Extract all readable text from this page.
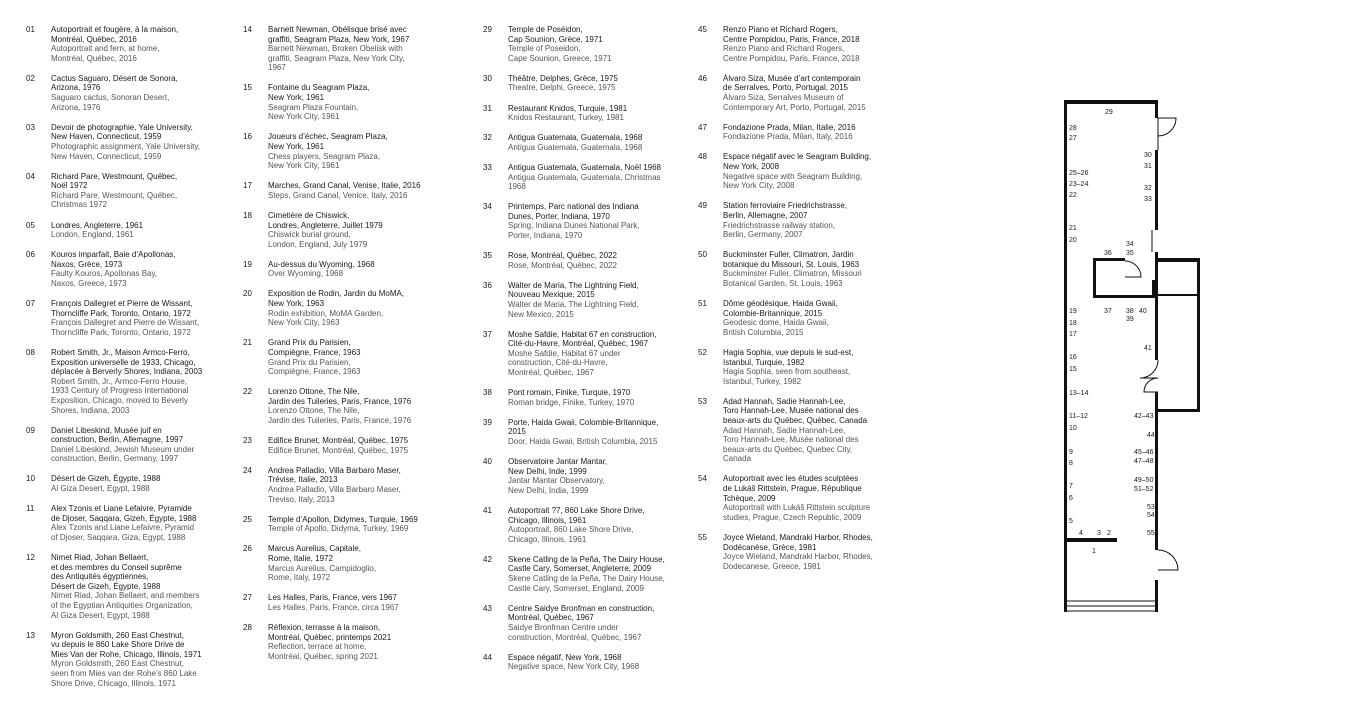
01	Autoportrait et fougère, à la maison,
Montréal, Québec, 2016
Autoportrait and fern, at home,
Montréal, Québec, 2016
02	Cactus Saguaro, Désert de Sonora,
Arizona, 1976
Saguaro cactus, Sonoran Desert,
Arizona, 1976
03	Devoir de photographie, Yale University,
New Haven, Connecticut, 1959
Photographic assignment, Yale University,
New Haven, Connecticut, 1959
04	Richard Pare, Westmount, Québec,
Noël 1972
Richard Pare, Westmount, Québec,
Christmas 1972
05	Londres, Angleterre, 1961
London, England, 1961
06	Kouros imparfait, Baie d’Apollonas,
Naxos, Grèce, 1973
Faulty Kouros, Apollonas Bay,
Naxos, Greece, 1973
07	François Dallegret et Pierre de Wissant,
Thorncliffe Park, Toronto, Ontario, 1972
François Dallegret and Pierre de Wissant,
Thorncliffe Park, Toronto, Ontario, 1972
08	Robert Smith, Jr., Maison Armco-Ferro,
Exposition universelle de 1933, Chicago,
déplacée à Berverly Shores, Indiana, 2003
Robert Smith, Jr., Armco-Ferro House,
1933 Century of Progress International
Exposition, Chicago, moved to Beverly
Shores, Indiana, 2003
09	Daniel Libeskind, Musée juif en
construction, Berlin, Allemagne, 1997
Daniel Libeskind, Jewish Museum under
construction, Berlin, Germany, 1997
10	Désert de Gizeh, Égypte, 1988
Al Giza Desert, Egypt, 1988
11	Alex Tzonis et Liane Lefaivre, Pyramide
de Djoser, Saqqara, Gizeh, Égypte, 1988
Alex Tzonis and Liane Lefaivre, Pyramid
of Djoser, Saqqara, Giza, Egypt, 1988
12	Nimet Riad, Johan Bellaert,
et des membres du Conseil suprême
des Antiquités égyptiennes,
Désert de Gizeh, Égypte, 1988
Nimet Riad, Johan Bellaert, and members
of the Egyptian Antiquities Organization,
Al Giza Desert, Egypt, 1988
13	Myron Goldsmith, 260 East Chestnut,
vu depuis le 860 Lake Shore Drive de
Mies Van der Rohe, Chicago, Illinois, 1971
Myron Goldsmith, 260 East Chestnut,
seen from Mies van der Rohe’s 860 Lake
Shore Drive, Chicago, Illinois, 1971
14	Barnett Newman, Obélisque brisé avec
graffiti, Seagram Plaza, New York, 1967
Barnett Newman, Broken Obelisk with
graffiti, Seagram Plaza, New York City,
1967
15	Fontaine du Seagram Plaza,
New York, 1961
Seagram Plaza Fountain,
New York City, 1961
16	Joueurs d’échec, Seagram Plaza,
New York, 1961
Chess players, Seagram Plaza,
New York City, 1961
17	Marches, Grand Canal, Venise, Italie, 2016
Steps, Grand Canal, Venice, Italy, 2016
18	Cimetière de Chiswick,
Londres, Angleterre, Juillet 1979
Chiswick burial ground,
London, England, July 1979
19	Au-dessus du Wyoming, 1968
Over Wyoming, 1968
20	Exposition de Rodin, Jardin du MoMA,
New York, 1963
Rodin exhibition, MoMA Garden,
New York City, 1963
21	Grand Prix du Parisien,
Compiègne, France, 1963
Grand Prix du Parisien,
Compiègne, France, 1963
22	Lorenzo Ottone, The Nile,
Jardin des Tuileries, Paris, France, 1976
Lorenzo Ottone, The Nile,
Jardin des Tuileries, Paris, France, 1976
23	Edifice Brunet, Montréal, Québec, 1975
Edifice Brunet, Montréal, Québec, 1975
24	Andrea Palladio, Villa Barbaro Maser,
Trévise, Italie, 2013
Andrea Palladio, Villa Barbaro Maser,
Treviso, Italy, 2013
25	Temple d’Apollon, Didymes, Turquie, 1969
Temple of Apollo, Didyma, Turkey, 1969
26	Marcus Aurelius, Capitale,
Rome, Italie, 1972
Marcus Aurelius, Campidoglio,
Rome, Italy, 1972
27	Les Halles, Paris, France, vers 1967
Les Halles, Paris, France, circa 1967
28	Réflexion, terrasse à la maison,
Montréal, Québec, printemps 2021
Reflection, terrace at home,
Montréal, Québec, spring 2021
29	Temple de Poséidon,
Cap Sounion, Grèce, 1971
Temple of Poseidon,
Cape Sounion, Greece, 1971
30	Théâtre, Delphes, Grèce, 1975
Theatre, Delphi, Greece, 1975
31	Restaurant Knidos, Turquie, 1981
Knidos Restaurant, Turkey, 1981
32	Antigua Guatemala, Guatemala, 1968
Antigua Guatemala, Guatemala, 1968
33	Antigua Guatemala, Guatemala, Noël 1968
Antigua Guatemala, Guatemala, Christmas
1968
34	Printemps, Parc national des Indiana
Dunes, Porter, Indiana, 1970
Spring, Indiana Dunes National Park,
Porter, Indiana, 1970
35	Rose, Montréal, Québec, 2022
Rose, Montréal, Québec, 2022
36	Walter de Maria, The Lightning Field,
Nouveau Mexique, 2015
Walter de Maria, The Lightning Field,
New Mexico, 2015
37	Moshe Safdie, Habitat 67 en construction,
Cité-du-Havre, Montréal, Québec, 1967
Moshe Safdie, Habitat 67 under
construction, Cité-du-Havre,
Montréal, Québec, 1967
38	Pont romain, Finike, Turquie, 1970
Roman bridge, Finike, Turkey, 1970
39	Porte, Haida Gwaii, Colombie-Britannique,
2015
Door, Haida Gwaii, British Columbia, 2015
40	Observatoire Jantar Mantar,
New Delhi, Inde, 1999
Jantar Mantar Observatory,
New Delhi, India, 1999
41	Autoportrait ?7, 860 Lake Shore Drive,
Chicago, Illinois, 1961
Autoportrait, 860 Lake Shore Drive,
Chicago, Illinois, 1961
42	Skene Catling de la Peña, The Dairy House,
Castle Cary, Somerset, Angleterre, 2009
Skene Catling de la Peña, The Dairy House,
Castle Cary, Somerset, England, 2009
43	Centre Saidye Bronfman en construction,
Montréal, Québec, 1967
Saidye Bronfman Centre under
construction, Montréal, Québec, 1967
44	Espace négatif, New York, 1968
Negative space, New York City, 1968
45	Renzo Piano et Richard Rogers,
Centre Pompidou, Paris, France, 2018
Renzo Piano and Richard Rogers,
Centre Pompidou, Paris, France, 2018
46	Álvaro Siza, Musée d’art contemporain
de Serralves, Porto, Portugal, 2015
Álvaro Siza, Serralves Museum of
Contemporary Art, Porto, Portugal, 2015
47	Fondazione Prada, Milan, Italie, 2016
Fondazione Prada, Milan, Italy, 2016
48	Espace négatif avec le Seagram Building,
New York, 2008
Negative space with Seagram Building,
New York City, 2008
49	Station ferroviaire Friedrichstrasse,
Berlin, Allemagne, 2007
Friedrichstrasse railway station,
Berlin, Germany, 2007
50	Buckminster Fuller, Climatron, Jardin
botanique du Missouri, St. Louis, 1963
Buckminster Fuller, Climatron, Missouri
Botanical Garden, St. Louis, 1963
51	Dôme géodésique, Haida Gwaii,
Colombie-Britannique, 2015
Geodesic dome, Haida Gwaii,
British Columbia, 2015
52	Hagia Sophia, vue depuis le sud-est,
Istanbul, Turquie, 1982
Hagia Sophia, seen from southeast,
Istanbul, Turkey, 1982
53	Adad Hannah, Sadie Hannah-Lee,
Toro Hannah-Lee, Musée national des
beaux-arts du Québec, Québec, Canada
Adad Hannah, Sadie Hannah-Lee,
Toro Hannah-Lee, Musée national des
beaux-arts du Québec, Quebec City,
Canada
54	Autoportrait avec les études sculptées
de Lukáš Rittstein, Prague, République
Tchèque, 2009
Autoportrait with Lukáš Rittstein sculpture
studies, Prague, Czech Republic, 2009
55	Joyce Wieland, Mandraki Harbor, Rhodes,
Dodécanèse, Grèce, 1981
Joyce Wieland, Mandraki Harbor, Rhodes,
Dodecanese, Greece, 1981
29
28
27
30
31
25–26
23–24
32
22
33
21
20
34
36 35
19	37 38 40
39
18
17
41
16
15
13–14
11–12	42–43
10
44
9	45–46
8	47–48
49–50
7	51–52
6
53
54
5
4 3 2	55
1
